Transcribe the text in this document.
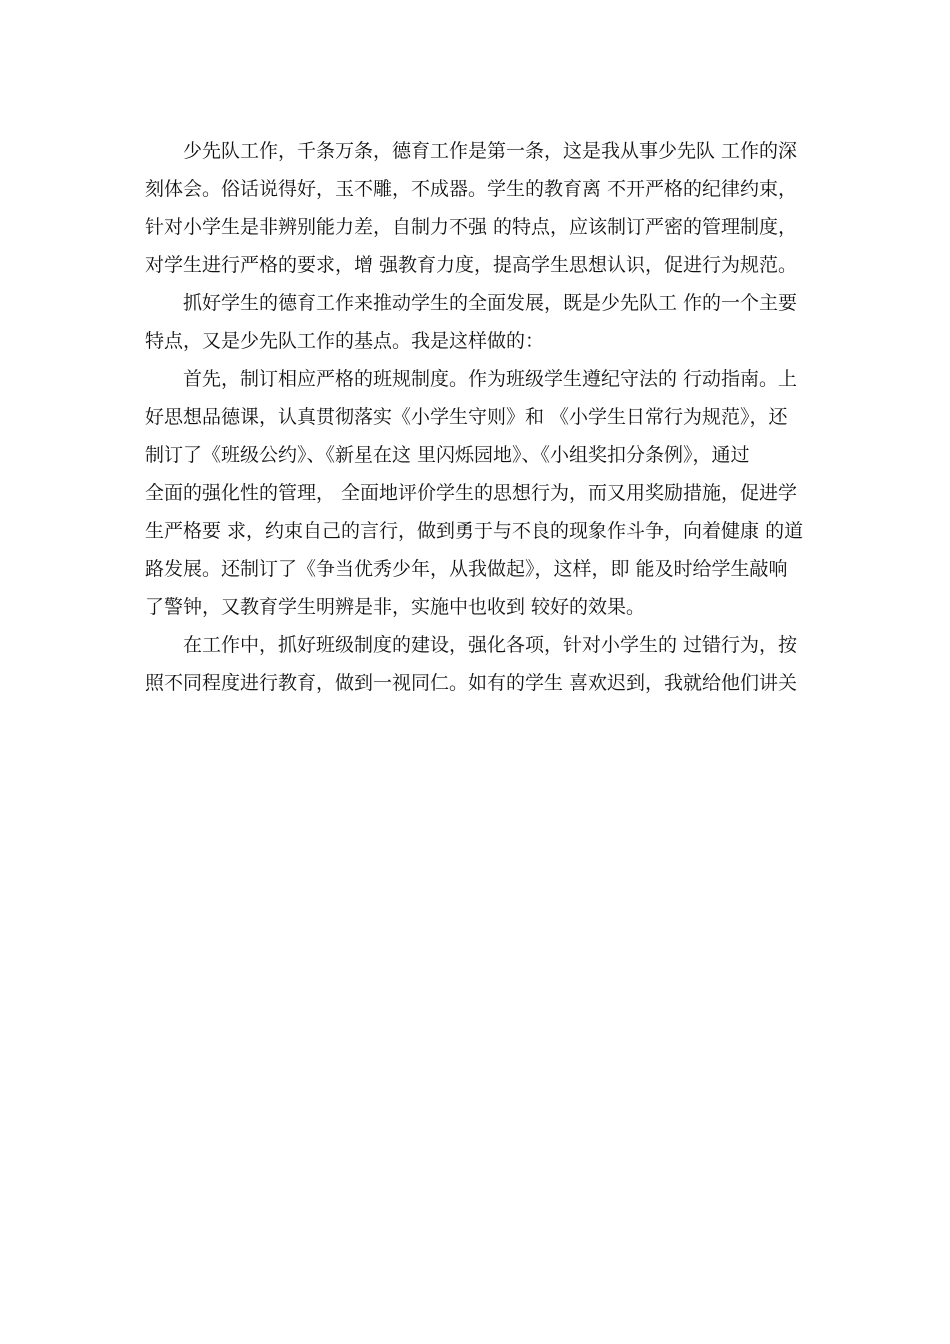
少先队工作，千条万条，德育工作是第一条，这是我从事少先队 工作的深

刻体会。俗话说得好，玉不雕，不成器。学生的教育离 不开严格的纪律约束，

针对小学生是非辨别能力差，自制力不强 的特点，应该制订严密的管理制度，

对学生进行严格的要求，增 强教育力度，提高学生思想认识，促进行为规范。

抓好学生的德育工作来推动学生的全面发展，既是少先队工 作的一个主要

特点，又是少先队工作的基点。我是这样做的：

首先，制订相应严格的班规制度。作为班级学生遵纪守法的 行动指南。上

好思想品德课，认真贯彻落实《小学生守则》和 《小学生日常行为规范》，还

制订了《班级公约》、《新星在这 里闪烁园地》、《小组奖扣分条例》，通过

全面的强化性的管理， 全面地评价学生的思想行为，而又用奖励措施，促进学

生严格要 求，约束自己的言行，做到勇于与不良的现象作斗争，向着健康 的道

路发展。还制订了《争当优秀少年，从我做起》，这样，即 能及时给学生敲响

了警钟，又教育学生明辨是非，实施中也收到 较好的效果。

在工作中，抓好班级制度的建设，强化各项，针对小学生的 过错行为，按

照不同程度进行教育，做到一视同仁。如有的学生 喜欢迟到，我就给他们讲关
